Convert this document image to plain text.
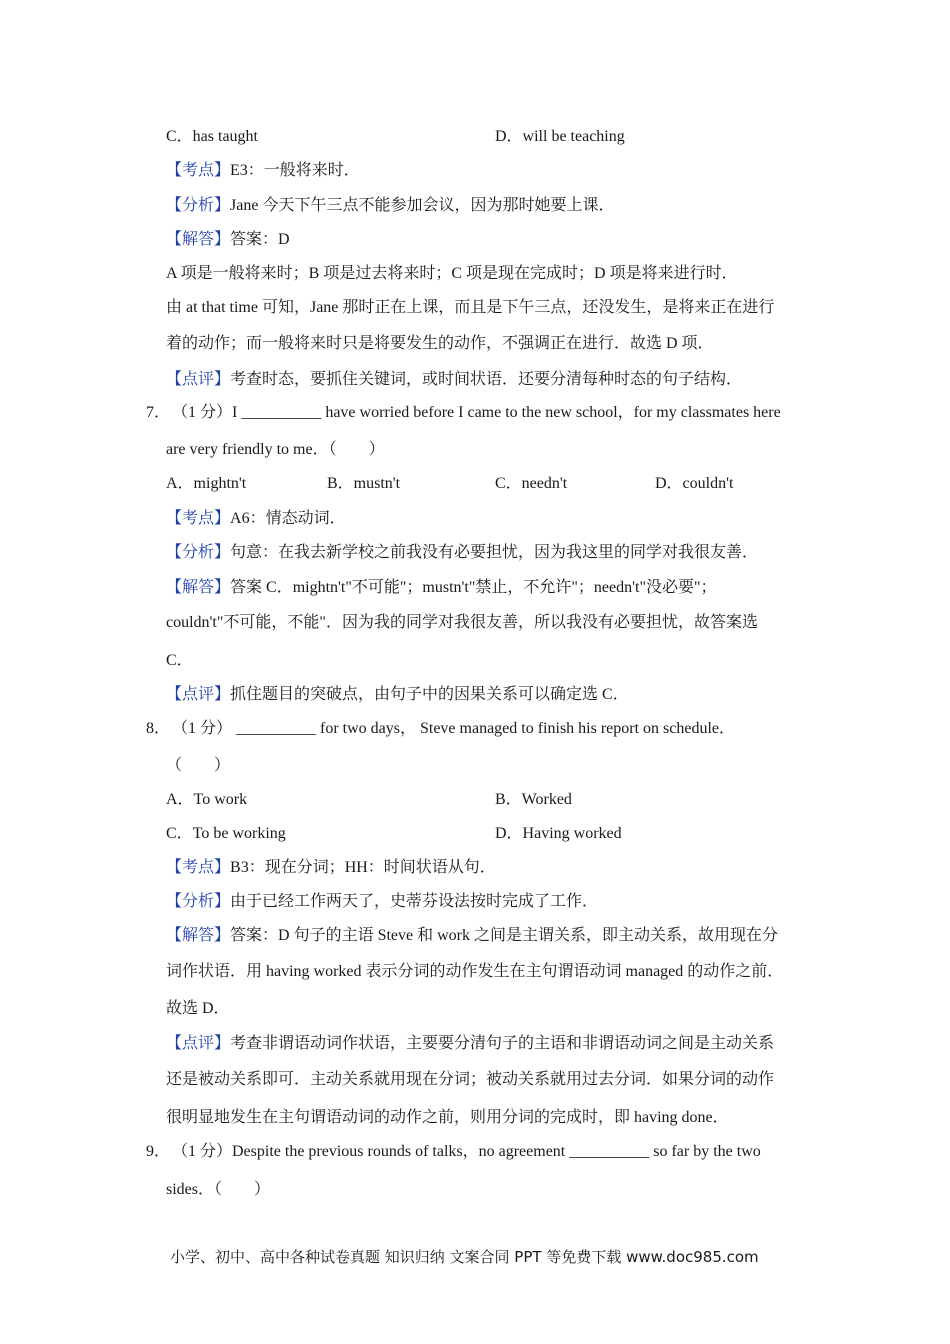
C．has taught	D．will be teaching
【考点】E3：一般将来时．
【分析】Jane 今天下午三点不能参加会议，因为那时她要上课．
【解答】答案：D
A 项是一般将来时；B 项是过去将来时；C 项是现在完成时；D 项是将来进行时．
由 at that time 可知，Jane 那时正在上课，而且是下午三点，还没发生，是将来正在进行
着的动作；而一般将来时只是将要发生的动作，不强调正在进行．故选 D 项．
【点评】考查时态，要抓住关键词，或时间状语．还要分清每种时态的句子结构．
7． （1 分）I __________ have worried before I came to the new school，for my classmates here
are very friendly to me．（　　）
A．mightn't	B．mustn't	C．needn't	D．couldn't
【考点】A6：情态动词．
【分析】句意：在我去新学校之前我没有必要担忧，因为我这里的同学对我很友善．
【解答】答案 C．mightn't"不可能"；mustn't"禁止，不允许"；needn't"没必要"；
couldn't"不可能，不能"．因为我的同学对我很友善，所以我没有必要担忧，故答案选
C．
【点评】抓住题目的突破点，由句子中的因果关系可以确定选 C．
8． （1 分） __________ for two days， Steve managed to finish his report on schedule．
（　　）
A．To work	B．Worked
C．To be working	D．Having worked
【考点】B3：现在分词；HH：时间状语从句．
【分析】由于已经工作两天了，史蒂芬设法按时完成了工作．
【解答】答案：D 句子的主语 Steve 和 work 之间是主谓关系，即主动关系，故用现在分
词作状语．用 having worked 表示分词的动作发生在主句谓语动词 managed 的动作之前．
故选 D．
【点评】考查非谓语动词作状语，主要要分清句子的主语和非谓语动词之间是主动关系
还是被动关系即可．主动关系就用现在分词；被动关系就用过去分词．如果分词的动作
很明显地发生在主句谓语动词的动作之前，则用分词的完成时，即 having done．
9． （1 分）Despite the previous rounds of talks，no agreement __________ so far by the two
sides．（　　）
小学、初中、高中各种试卷真题 知识归纳 文案合同 PPT 等免费下载 www.doc985.com
